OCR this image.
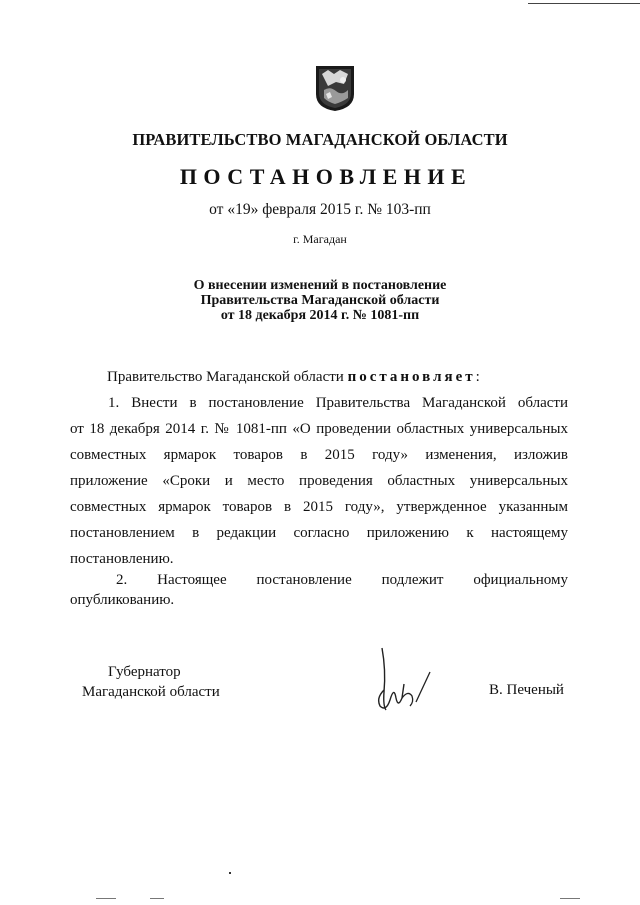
ПРАВИТЕЛЬСТВО МАГАДАНСКОЙ ОБЛАСТИ
ПОСТАНОВЛЕНИЕ
от «19» февраля 2015 г. № 103-пп
г. Магадан
О внесении изменений в постановление
Правительства Магаданской области
от 18 декабря 2014 г. № 1081-пп
Правительство Магаданской области постановляет:
1. Внести в постановление Правительства Магаданской области
от 18 декабря 2014 г. № 1081-пп «О проведении областных универсальных
совместных ярмарок товаров в 2015 году» изменения, изложив
приложение «Сроки и место проведения областных универсальных
совместных ярмарок товаров в 2015 году», утвержденное указанным
постановлением в редакции согласно приложению к настоящему
постановлению.
2. Настоящее постановление подлежит официальному
опубликованию.
Губернатор
Магаданской области	В. Печеный
